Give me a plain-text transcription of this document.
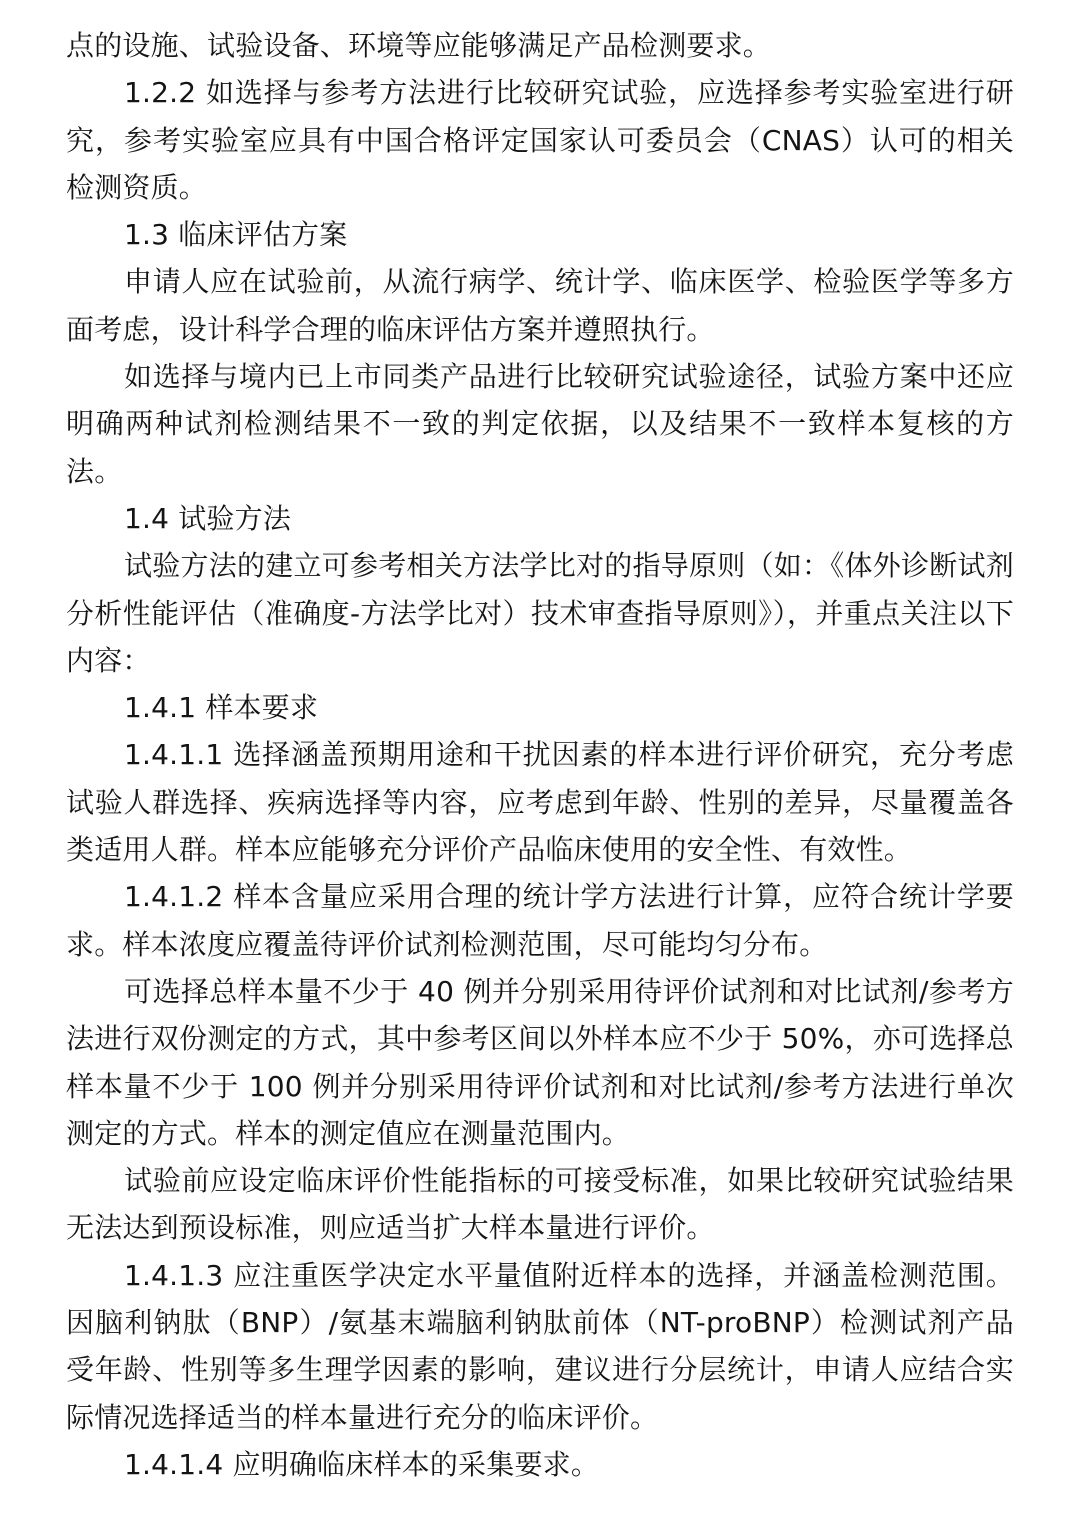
点的设施、试验设备、环境等应能够满足产品检测要求。

1.2.2 如选择与参考方法进行比较研究试验，应选择参考实验室进行研究，参考实验室应具有中国合格评定国家认可委员会（CNAS）认可的相关检测资质。

1.3 临床评估方案

申请人应在试验前，从流行病学、统计学、临床医学、检验医学等多方面考虑，设计科学合理的临床评估方案并遵照执行。

如选择与境内已上市同类产品进行比较研究试验途径，试验方案中还应明确两种试剂检测结果不一致的判定依据，以及结果不一致样本复核的方法。

1.4 试验方法

试验方法的建立可参考相关方法学比对的指导原则（如：《体外诊断试剂分析性能评估（准确度-方法学比对）技术审查指导原则》），并重点关注以下内容：

1.4.1 样本要求

1.4.1.1 选择涵盖预期用途和干扰因素的样本进行评价研究，充分考虑试验人群选择、疾病选择等内容，应考虑到年龄、性别的差异，尽量覆盖各类适用人群。样本应能够充分评价产品临床使用的安全性、有效性。

1.4.1.2 样本含量应采用合理的统计学方法进行计算，应符合统计学要求。样本浓度应覆盖待评价试剂检测范围，尽可能均匀分布。

可选择总样本量不少于 40 例并分别采用待评价试剂和对比试剂/参考方法进行双份测定的方式，其中参考区间以外样本应不少于 50%，亦可选择总样本量不少于 100 例并分别采用待评价试剂和对比试剂/参考方法进行单次测定的方式。样本的测定值应在测量范围内。

试验前应设定临床评价性能指标的可接受标准，如果比较研究试验结果无法达到预设标准，则应适当扩大样本量进行评价。

1.4.1.3 应注重医学决定水平量值附近样本的选择，并涵盖检测范围。因脑利钠肽（BNP）/氨基末端脑利钠肽前体（NT-proBNP）检测试剂产品受年龄、性别等多生理学因素的影响，建议进行分层统计，申请人应结合实际情况选择适当的样本量进行充分的临床评价。

1.4.1.4 应明确临床样本的采集要求。
